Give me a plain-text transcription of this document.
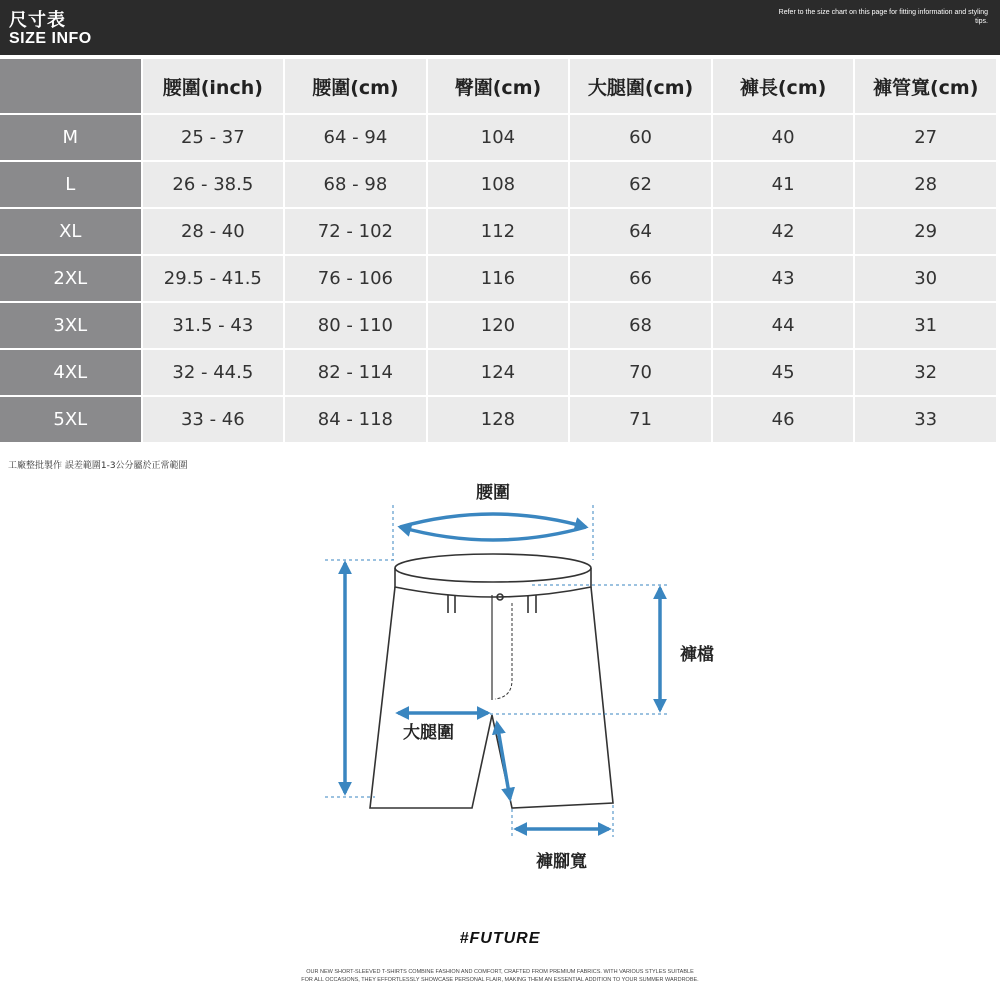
尺寸表
SIZE INFO
Refer to the size chart on this page for fitting information and styling tips.
	腰圍(inch)	腰圍(cm)	臀圍(cm)	大腿圍(cm)	褲長(cm)	褲管寬(cm)
M	25 - 37	64 - 94	104	60	40	27
L	26 - 38.5	68 - 98	108	62	41	28
XL	28 - 40	72 - 102	112	64	42	29
2XL	29.5 - 41.5	76 - 106	116	66	43	30
3XL	31.5 - 43	80 - 110	120	68	44	31
4XL	32 - 44.5	82 - 114	124	70	45	32
5XL	33 - 46	84 - 118	128	71	46	33
工廠整批製作 誤差範圍1-3公分屬於正常範圍
腰圍
褲檔
大腿圍
褲腳寬
#FUTURE
OUR NEW SHORT-SLEEVED T-SHIRTS COMBINE FASHION AND COMFORT, CRAFTED FROM PREMIUM FABRICS. WITH VARIOUS STYLES SUITABLE FOR ALL OCCASIONS, THEY EFFORTLESSLY SHOWCASE PERSONAL FLAIR, MAKING THEM AN ESSENTIAL ADDITION TO YOUR SUMMER WARDROBE.
